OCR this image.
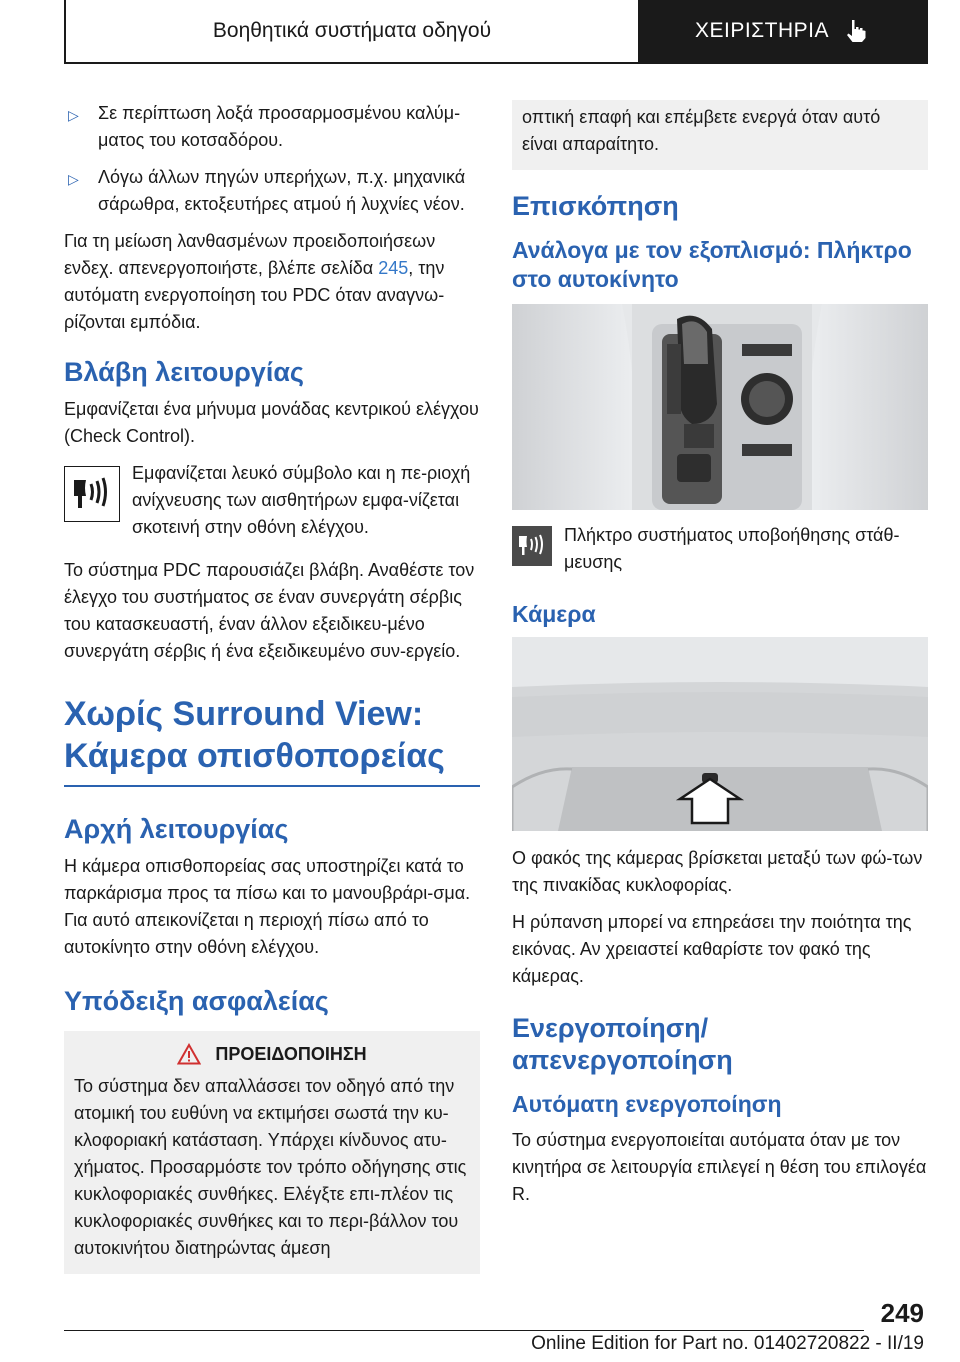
Βοηθητικά συστήματα οδηγού	ΧΕΙΡΙΣΤΗΡΙΑ
▷ Σε περίπτωση λοξά προσαρμοσμένου καλύμ-ματος του κοτσαδόρου.
▷ Λόγω άλλων πηγών υπερήχων, π.χ. μηχανικά σάρωθρα, εκτοξευτήρες ατμού ή λυχνίες νέον.

Για τη μείωση λανθασμένων προειδοποιήσεων ενδεχ. απενεργοποιήστε, βλέπε σελίδα 245, την αυτόματη ενεργοποίηση του PDC όταν αναγνω-ρίζονται εμπόδια.

Βλάβη λειτουργίας

Εμφανίζεται ένα μήνυμα μονάδας κεντρικού ελέγχου (Check Control).

Εμφανίζεται λευκό σύμβολο και η πε-ριοχή ανίχνευσης των αισθητήρων εμφα-νίζεται σκοτεινή στην οθόνη ελέγχου.

Το σύστημα PDC παρουσιάζει βλάβη. Αναθέστε τον έλεγχο του συστήματος σε έναν συνεργάτη σέρβις του κατασκευαστή, έναν άλλον εξειδικευ-μένο συνεργάτη σέρβις ή ένα εξειδικευμένο συν-εργείο.

Χωρίς Surround View: Κάμερα οπισθοπορείας
Αρχή λειτουργίας

Η κάμερα οπισθοπορείας σας υποστηρίζει κατά το παρκάρισμα προς τα πίσω και το μανουβράρι-σμα. Για αυτό απεικονίζεται η περιοχή πίσω από το αυτοκίνητο στην οθόνη ελέγχου.

Υπόδειξη ασφαλείας
ΠΡΟΕΙΔΟΠΟΙΗΣΗ

Το σύστημα δεν απαλλάσσει τον οδηγό από την ατομική του ευθύνη να εκτιμήσει σωστά την κυ-κλοφοριακή κατάσταση. Υπάρχει κίνδυνος ατυ-χήματος. Προσαρμόστε τον τρόπο οδήγησης στις κυκλοφοριακές συνθήκες. Ελέγξτε επι-πλέον τις κυκλοφοριακές συνθήκες και το περι-βάλλον του αυτοκινήτου διατηρώντας άμεση

οπτική επαφή και επέμβετε ενεργά όταν αυτό είναι απαραίτητο.

Επισκόπηση
Ανάλογα με τον εξοπλισμό: Πλήκτρο στο αυτοκίνητο

Πλήκτρο συστήματος υποβοήθησης στάθ-μευσης

Κάμερα

Ο φακός της κάμερας βρίσκεται μεταξύ των φώ-των της πινακίδας κυκλοφορίας.

Η ρύπανση μπορεί να επηρεάσει την ποιότητα της εικόνας. Αν χρειαστεί καθαρίστε τον φακό της κάμερας.

Ενεργοποίηση/απενεργοποίηση
Αυτόματη ενεργοποίηση

Το σύστημα ενεργοποιείται αυτόματα όταν με τον κινητήρα σε λειτουργία επιλεγεί η θέση του επιλογέα R.

249
Online Edition for Part no. 01402720822 - II/19
